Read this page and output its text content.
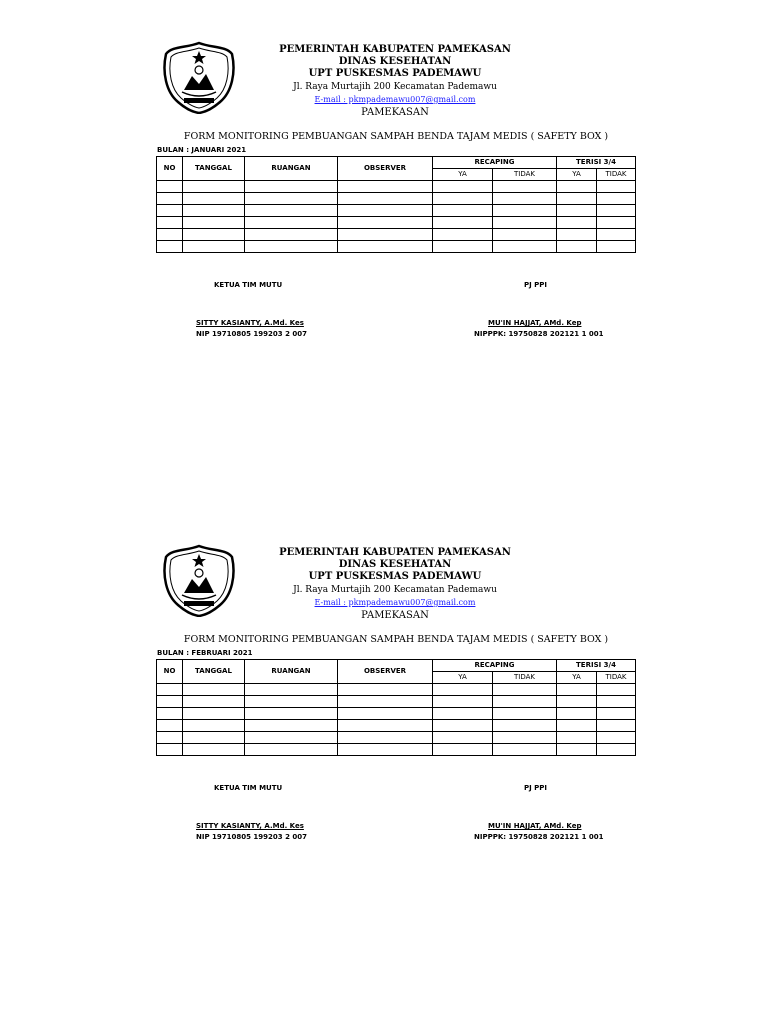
PEMERINTAH KABUPATEN PAMEKASAN
DINAS KESEHATAN
UPT PUSKESMAS PADEMAWU
Jl. Raya Murtajih 200 Kecamatan Pademawu
E-mail : pkmpademawu007@gmail.com
PAMEKASAN
FORM MONITORING PEMBUANGAN SAMPAH BENDA TAJAM MEDIS ( SAFETY BOX )
BULAN : JANUARI 2021
NO	TANGGAL	RUANGAN	OBSERVER	RECAPING		TERISI 3/4	
				YA	TIDAK	YA	TIDAK

KETUA TIM MUTU	PJ PPI
SITTY KASIANTY, A.Md. Kes
NIP 19710805 199203 2 007
MU'IN HAJJAT, AMd. Kep
NIPPPK: 19750828 202121 1 001
PEMERINTAH KABUPATEN PAMEKASAN
DINAS KESEHATAN
UPT PUSKESMAS PADEMAWU
Jl. Raya Murtajih 200 Kecamatan Pademawu
E-mail : pkmpademawu007@gmail.com
PAMEKASAN
FORM MONITORING PEMBUANGAN SAMPAH BENDA TAJAM MEDIS ( SAFETY BOX )
BULAN : FEBRUARI 2021
NO	TANGGAL	RUANGAN	OBSERVER	RECAPING		TERISI 3/4	
				YA	TIDAK	YA	TIDAK

KETUA TIM MUTU	PJ PPI
SITTY KASIANTY, A.Md. Kes
NIP 19710805 199203 2 007
MU'IN HAJJAT, AMd. Kep
NIPPPK: 19750828 202121 1 001
